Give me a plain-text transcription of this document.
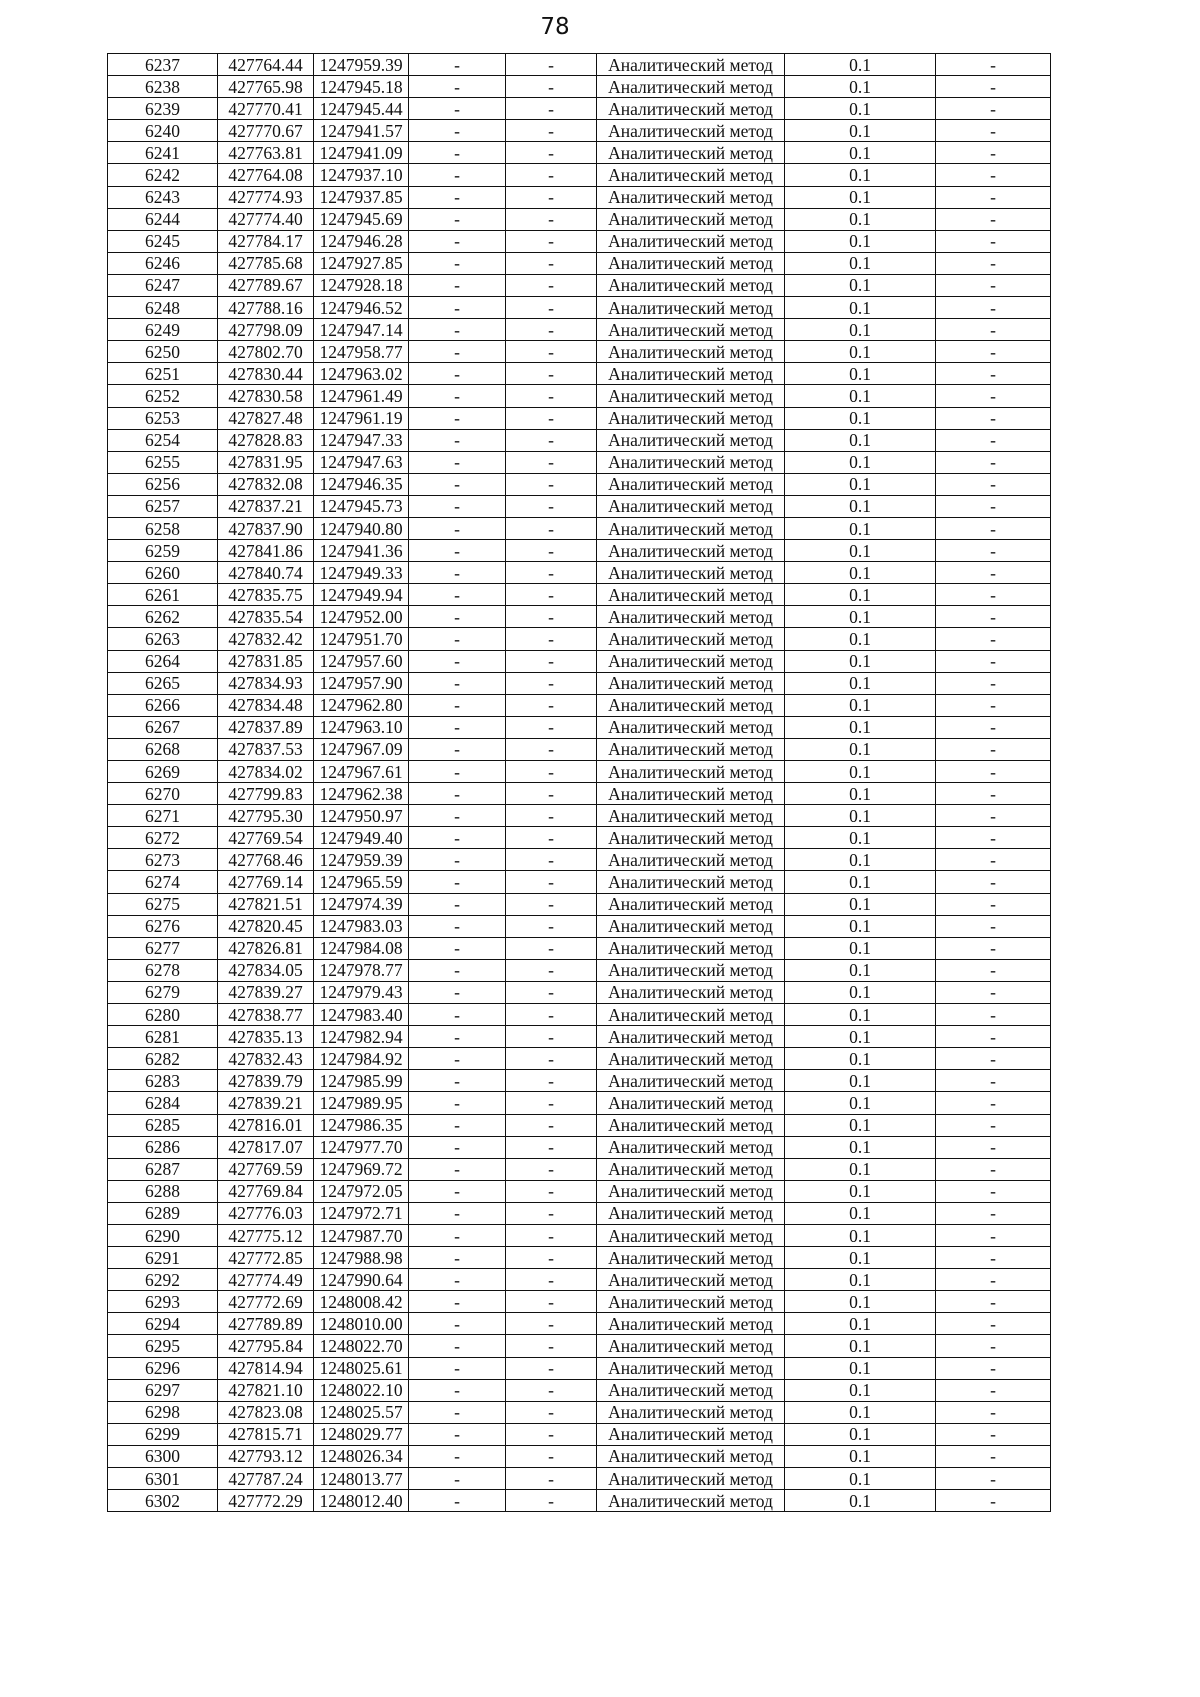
78
6237	427764.44	1247959.39	-	-	Аналитический метод	0.1	-
6238	427765.98	1247945.18	-	-	Аналитический метод	0.1	-
6239	427770.41	1247945.44	-	-	Аналитический метод	0.1	-
6240	427770.67	1247941.57	-	-	Аналитический метод	0.1	-
6241	427763.81	1247941.09	-	-	Аналитический метод	0.1	-
6242	427764.08	1247937.10	-	-	Аналитический метод	0.1	-
6243	427774.93	1247937.85	-	-	Аналитический метод	0.1	-
6244	427774.40	1247945.69	-	-	Аналитический метод	0.1	-
6245	427784.17	1247946.28	-	-	Аналитический метод	0.1	-
6246	427785.68	1247927.85	-	-	Аналитический метод	0.1	-
6247	427789.67	1247928.18	-	-	Аналитический метод	0.1	-
6248	427788.16	1247946.52	-	-	Аналитический метод	0.1	-
6249	427798.09	1247947.14	-	-	Аналитический метод	0.1	-
6250	427802.70	1247958.77	-	-	Аналитический метод	0.1	-
6251	427830.44	1247963.02	-	-	Аналитический метод	0.1	-
6252	427830.58	1247961.49	-	-	Аналитический метод	0.1	-
6253	427827.48	1247961.19	-	-	Аналитический метод	0.1	-
6254	427828.83	1247947.33	-	-	Аналитический метод	0.1	-
6255	427831.95	1247947.63	-	-	Аналитический метод	0.1	-
6256	427832.08	1247946.35	-	-	Аналитический метод	0.1	-
6257	427837.21	1247945.73	-	-	Аналитический метод	0.1	-
6258	427837.90	1247940.80	-	-	Аналитический метод	0.1	-
6259	427841.86	1247941.36	-	-	Аналитический метод	0.1	-
6260	427840.74	1247949.33	-	-	Аналитический метод	0.1	-
6261	427835.75	1247949.94	-	-	Аналитический метод	0.1	-
6262	427835.54	1247952.00	-	-	Аналитический метод	0.1	-
6263	427832.42	1247951.70	-	-	Аналитический метод	0.1	-
6264	427831.85	1247957.60	-	-	Аналитический метод	0.1	-
6265	427834.93	1247957.90	-	-	Аналитический метод	0.1	-
6266	427834.48	1247962.80	-	-	Аналитический метод	0.1	-
6267	427837.89	1247963.10	-	-	Аналитический метод	0.1	-
6268	427837.53	1247967.09	-	-	Аналитический метод	0.1	-
6269	427834.02	1247967.61	-	-	Аналитический метод	0.1	-
6270	427799.83	1247962.38	-	-	Аналитический метод	0.1	-
6271	427795.30	1247950.97	-	-	Аналитический метод	0.1	-
6272	427769.54	1247949.40	-	-	Аналитический метод	0.1	-
6273	427768.46	1247959.39	-	-	Аналитический метод	0.1	-
6274	427769.14	1247965.59	-	-	Аналитический метод	0.1	-
6275	427821.51	1247974.39	-	-	Аналитический метод	0.1	-
6276	427820.45	1247983.03	-	-	Аналитический метод	0.1	-
6277	427826.81	1247984.08	-	-	Аналитический метод	0.1	-
6278	427834.05	1247978.77	-	-	Аналитический метод	0.1	-
6279	427839.27	1247979.43	-	-	Аналитический метод	0.1	-
6280	427838.77	1247983.40	-	-	Аналитический метод	0.1	-
6281	427835.13	1247982.94	-	-	Аналитический метод	0.1	-
6282	427832.43	1247984.92	-	-	Аналитический метод	0.1	-
6283	427839.79	1247985.99	-	-	Аналитический метод	0.1	-
6284	427839.21	1247989.95	-	-	Аналитический метод	0.1	-
6285	427816.01	1247986.35	-	-	Аналитический метод	0.1	-
6286	427817.07	1247977.70	-	-	Аналитический метод	0.1	-
6287	427769.59	1247969.72	-	-	Аналитический метод	0.1	-
6288	427769.84	1247972.05	-	-	Аналитический метод	0.1	-
6289	427776.03	1247972.71	-	-	Аналитический метод	0.1	-
6290	427775.12	1247987.70	-	-	Аналитический метод	0.1	-
6291	427772.85	1247988.98	-	-	Аналитический метод	0.1	-
6292	427774.49	1247990.64	-	-	Аналитический метод	0.1	-
6293	427772.69	1248008.42	-	-	Аналитический метод	0.1	-
6294	427789.89	1248010.00	-	-	Аналитический метод	0.1	-
6295	427795.84	1248022.70	-	-	Аналитический метод	0.1	-
6296	427814.94	1248025.61	-	-	Аналитический метод	0.1	-
6297	427821.10	1248022.10	-	-	Аналитический метод	0.1	-
6298	427823.08	1248025.57	-	-	Аналитический метод	0.1	-
6299	427815.71	1248029.77	-	-	Аналитический метод	0.1	-
6300	427793.12	1248026.34	-	-	Аналитический метод	0.1	-
6301	427787.24	1248013.77	-	-	Аналитический метод	0.1	-
6302	427772.29	1248012.40	-	-	Аналитический метод	0.1	-
